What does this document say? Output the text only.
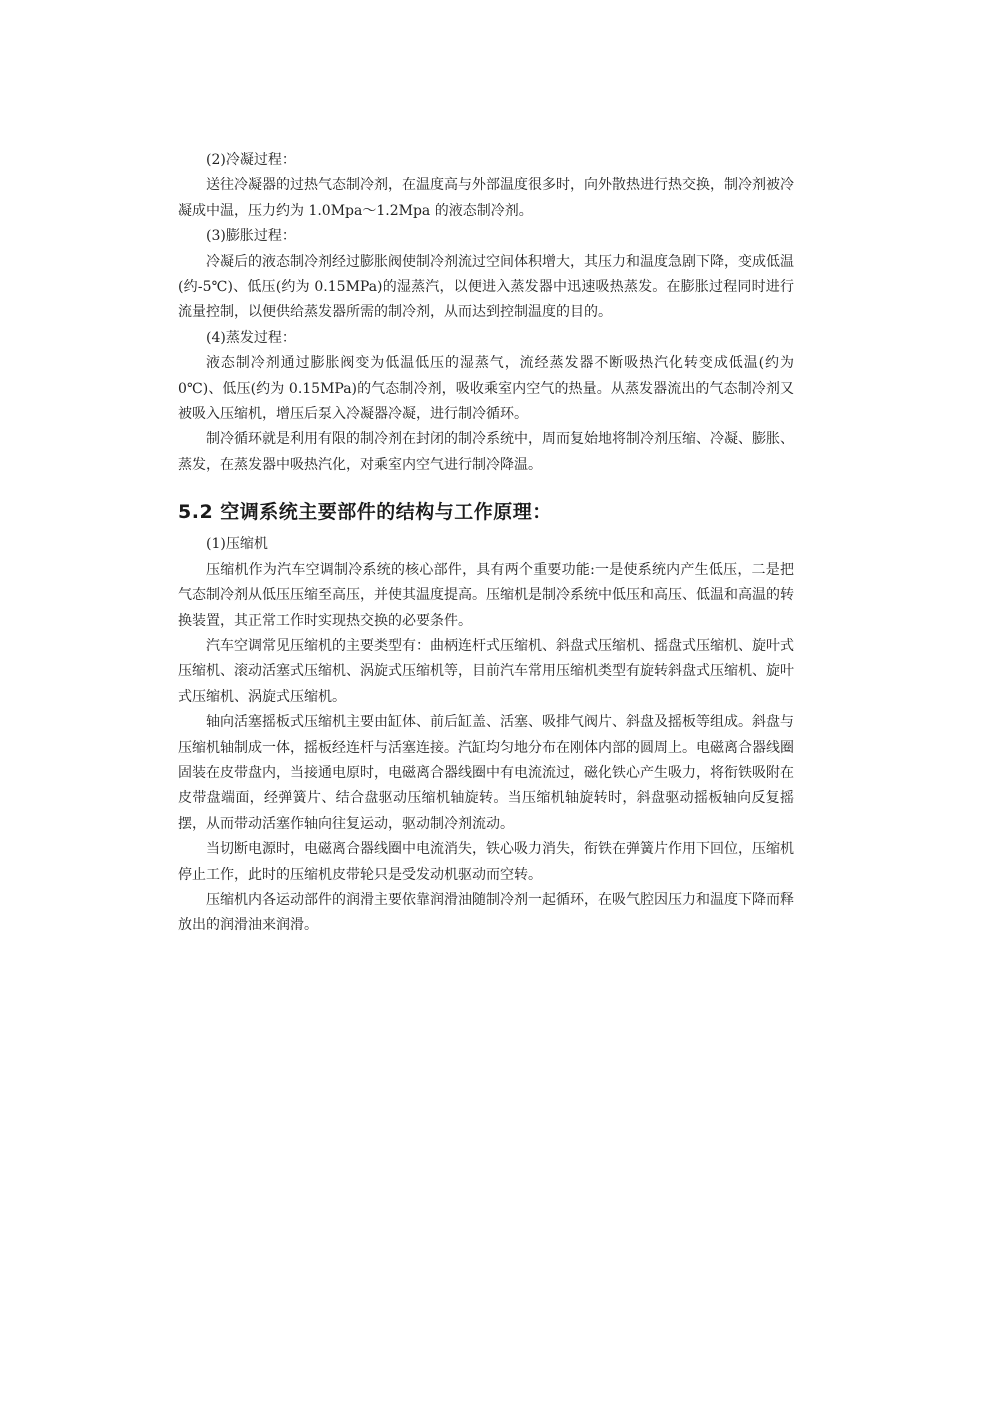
(2)冷凝过程：

送往冷凝器的过热气态制冷剂，在温度高与外部温度很多时，向外散热进行热交换，制冷剂被冷凝成中温，压力约为 1.0Mpa～1.2Mpa 的液态制冷剂。

(3)膨胀过程：

冷凝后的液态制冷剂经过膨胀阀使制冷剂流过空间体积增大，其压力和温度急剧下降，变成低温(约-5℃)、低压(约为 0.15MPa)的湿蒸汽，以便进入蒸发器中迅速吸热蒸发。在膨胀过程同时进行流量控制，以便供给蒸发器所需的制冷剂，从而达到控制温度的目的。

(4)蒸发过程：

液态制冷剂通过膨胀阀变为低温低压的湿蒸气，流经蒸发器不断吸热汽化转变成低温(约为0℃)、低压(约为 0.15MPa)的气态制冷剂，吸收乘室内空气的热量。从蒸发器流出的气态制冷剂又被吸入压缩机，增压后泵入冷凝器冷凝，进行制冷循环。

制冷循环就是利用有限的制冷剂在封闭的制冷系统中，周而复始地将制冷剂压缩、冷凝、膨胀、蒸发，在蒸发器中吸热汽化，对乘室内空气进行制冷降温。

5.2 空调系统主要部件的结构与工作原理：

(1)压缩机

压缩机作为汽车空调制冷系统的核心部件，具有两个重要功能:一是使系统内产生低压，二是把气态制冷剂从低压压缩至高压，并使其温度提高。压缩机是制冷系统中低压和高压、低温和高温的转换装置，其正常工作时实现热交换的必要条件。

汽车空调常见压缩机的主要类型有：曲柄连杆式压缩机、斜盘式压缩机、摇盘式压缩机、旋叶式压缩机、滚动活塞式压缩机、涡旋式压缩机等，目前汽车常用压缩机类型有旋转斜盘式压缩机、旋叶式压缩机、涡旋式压缩机。

轴向活塞摇板式压缩机主要由缸体、前后缸盖、活塞、吸排气阀片、斜盘及摇板等组成。斜盘与压缩机轴制成一体，摇板经连杆与活塞连接。汽缸均匀地分布在刚体内部的圆周上。电磁离合器线圈固装在皮带盘内，当接通电原时，电磁离合器线圈中有电流流过，磁化铁心产生吸力，将衔铁吸附在皮带盘端面，经弹簧片、结合盘驱动压缩机轴旋转。当压缩机轴旋转时，斜盘驱动摇板轴向反复摇摆，从而带动活塞作轴向往复运动，驱动制冷剂流动。

当切断电源时，电磁离合器线圈中电流消失，铁心吸力消失，衔铁在弹簧片作用下回位，压缩机停止工作，此时的压缩机皮带轮只是受发动机驱动而空转。

压缩机内各运动部件的润滑主要依靠润滑油随制冷剂一起循环，在吸气腔因压力和温度下降而释放出的润滑油来润滑。
